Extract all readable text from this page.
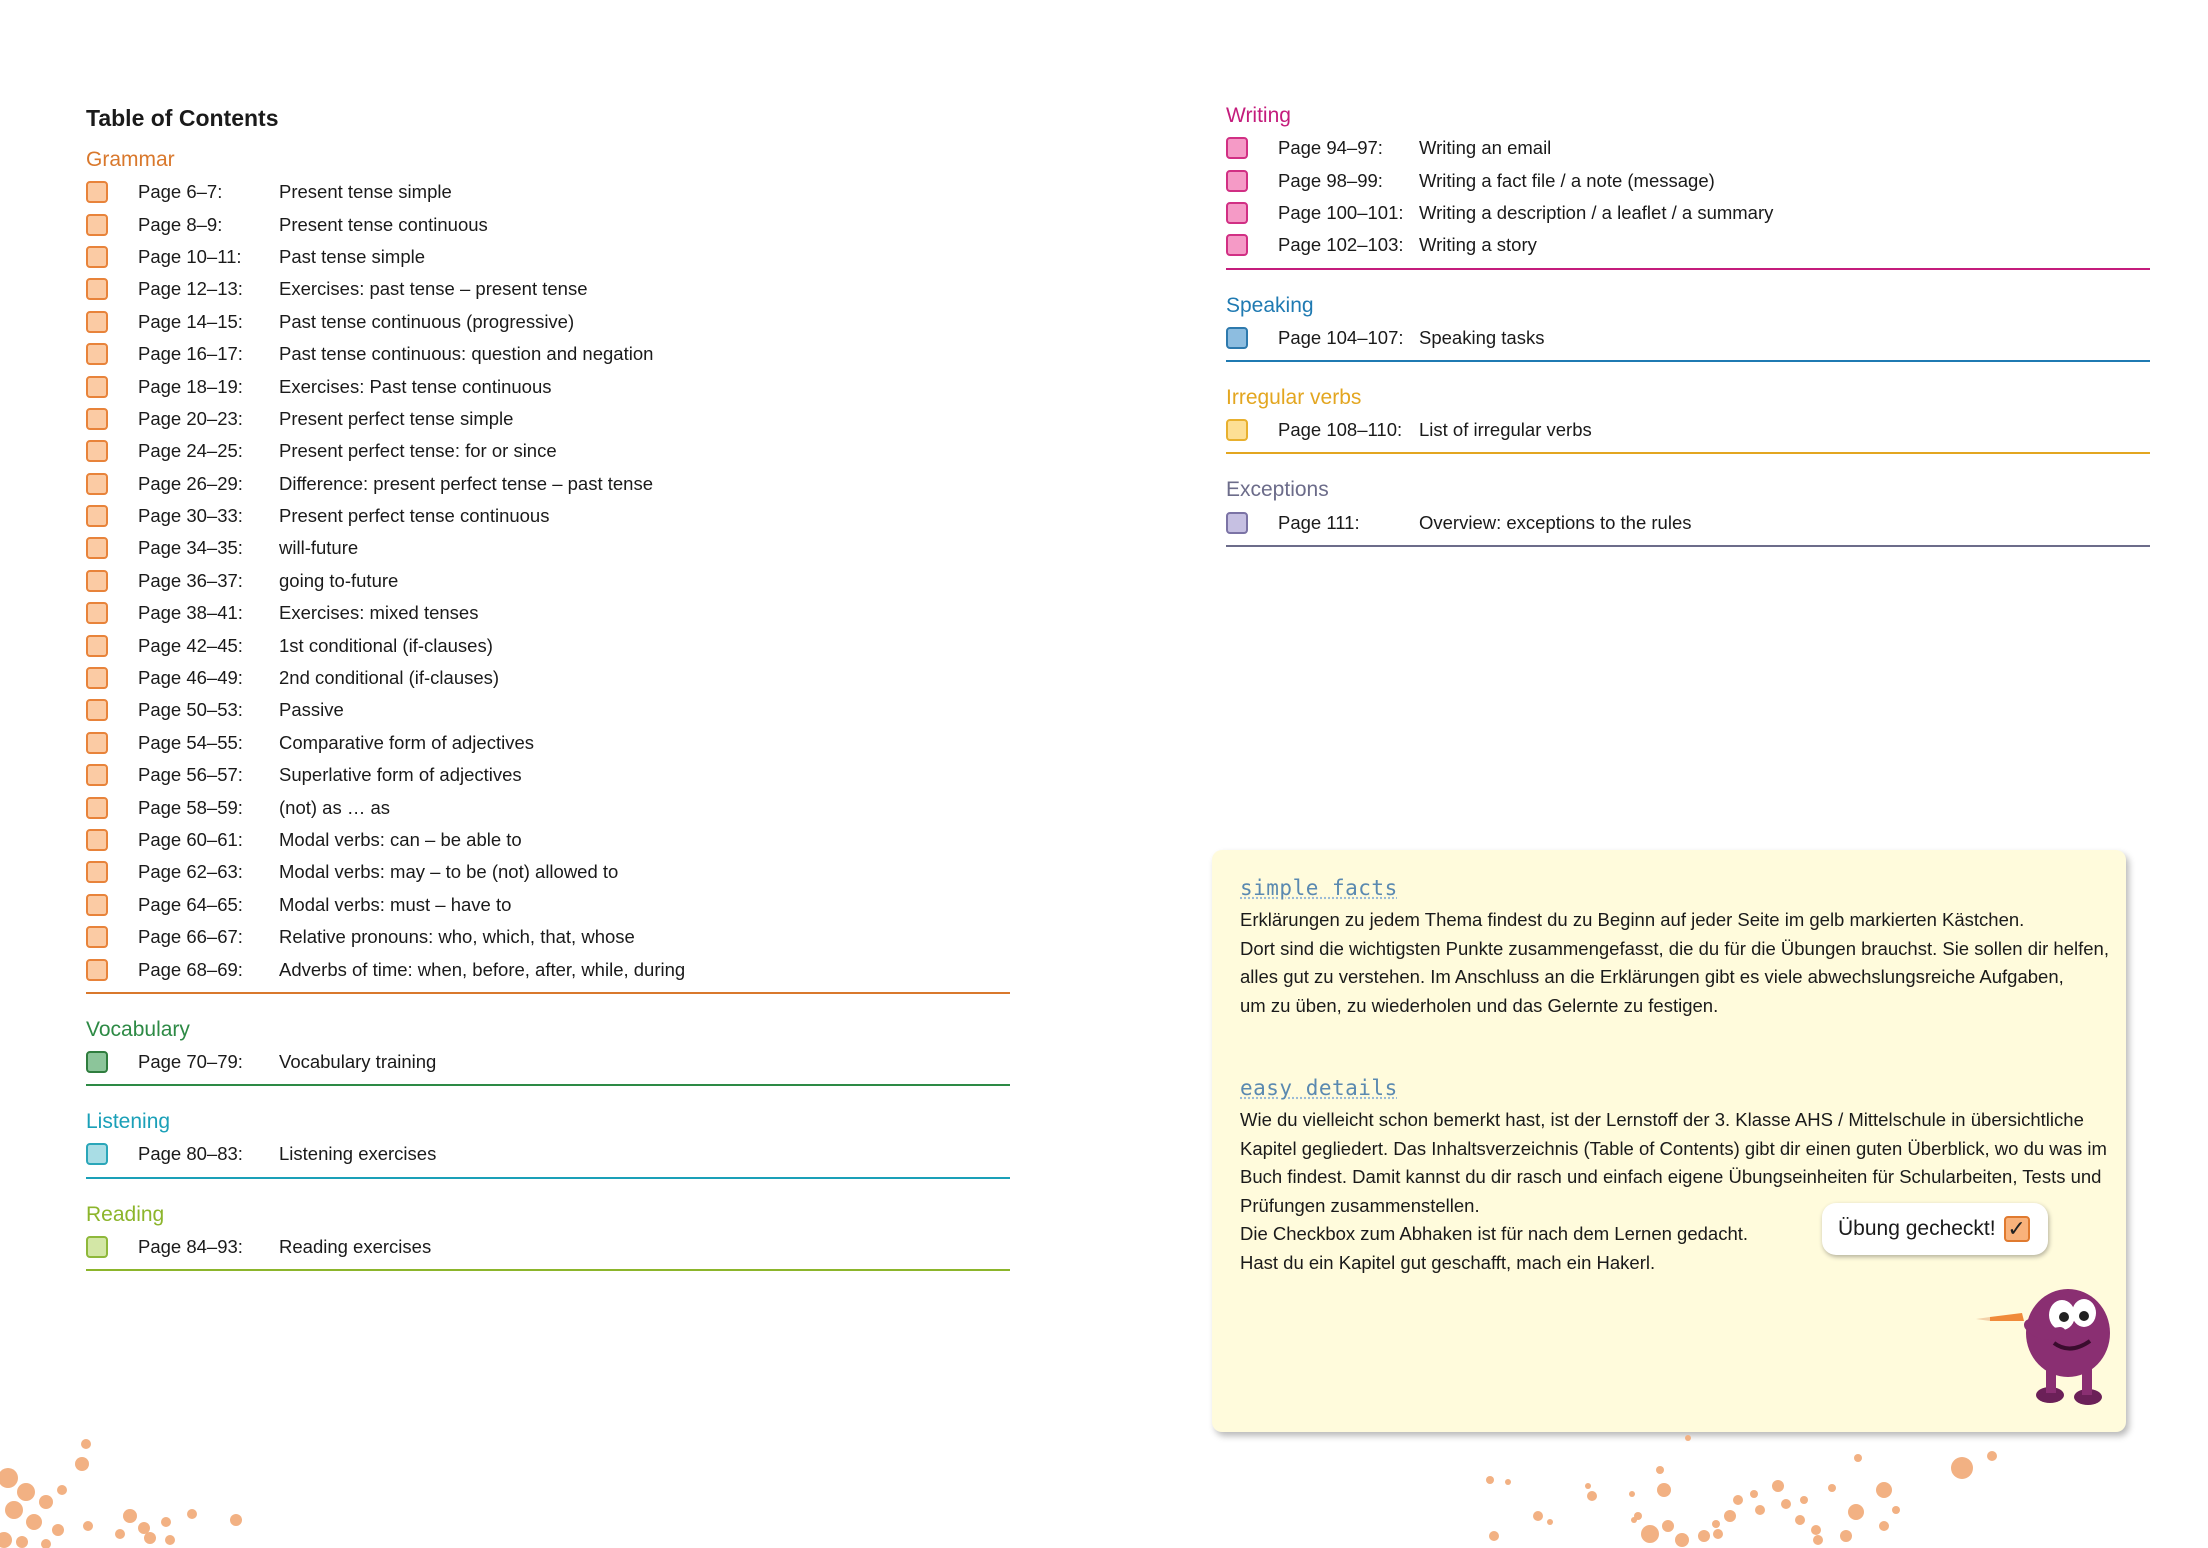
Table of Contents
Grammar
Page 6–7:	Present tense simple
Page 8–9:	Present tense continuous
Page 10–11:	Past tense simple
Page 12–13:	Exercises: past tense – present tense
Page 14–15:	Past tense continuous (progressive)
Page 16–17:	Past tense continuous: question and negation
Page 18–19:	Exercises: Past tense continuous
Page 20–23:	Present perfect tense simple
Page 24–25:	Present perfect tense: for or since
Page 26–29:	Difference: present perfect tense – past tense
Page 30–33:	Present perfect tense continuous
Page 34–35:	will-future
Page 36–37:	going to-future
Page 38–41:	Exercises: mixed tenses
Page 42–45:	1st conditional (if-clauses)
Page 46–49:	2nd conditional (if-clauses)
Page 50–53:	Passive
Page 54–55:	Comparative form of adjectives
Page 56–57:	Superlative form of adjectives
Page 58–59:	(not) as … as
Page 60–61:	Modal verbs: can – be able to
Page 62–63:	Modal verbs: may – to be (not) allowed to
Page 64–65:	Modal verbs: must – have to
Page 66–67:	Relative pronouns: who, which, that, whose
Page 68–69:	Adverbs of time: when, before, after, while, during
Vocabulary
Page 70–79:	Vocabulary training
Listening
Page 80–83:	Listening exercises
Reading
Page 84–93:	Reading exercises
Writing
Page 94–97:	Writing an email
Page 98–99:	Writing a fact file / a note (message)
Page 100–101: Writing a description / a leaflet / a summary
Page 102–103: Writing a story
Speaking
Page 104–107: Speaking tasks
Irregular verbs
Page 108–110: List of irregular verbs
Exceptions
Page 111:	Overview: exceptions to the rules
simple facts
Erklärungen zu jedem Thema findest du zu Beginn auf jeder Seite im gelb markierten Kästchen.
Dort sind die wichtigsten Punkte zusammengefasst, die du für die Übungen brauchst. Sie sollen dir helfen,
alles gut zu verstehen. Im Anschluss an die Erklärungen gibt es viele abwechslungsreiche Aufgaben,
um zu üben, zu wiederholen und das Gelernte zu festigen.
easy details
Wie du vielleicht schon bemerkt hast, ist der Lernstoff der 3. Klasse AHS / Mittelschule in übersichtliche
Kapitel gegliedert. Das Inhaltsverzeichnis (Table of Contents) gibt dir einen guten Überblick, wo du was im
Buch findest. Damit kannst du dir rasch und einfach eigene Übungseinheiten für Schularbeiten, Tests und
Prüfungen zusammenstellen.
Die Checkbox zum Abhaken ist für nach dem Lernen gedacht.
Hast du ein Kapitel gut geschafft, mach ein Hakerl.
Übung gecheckt! ✓
